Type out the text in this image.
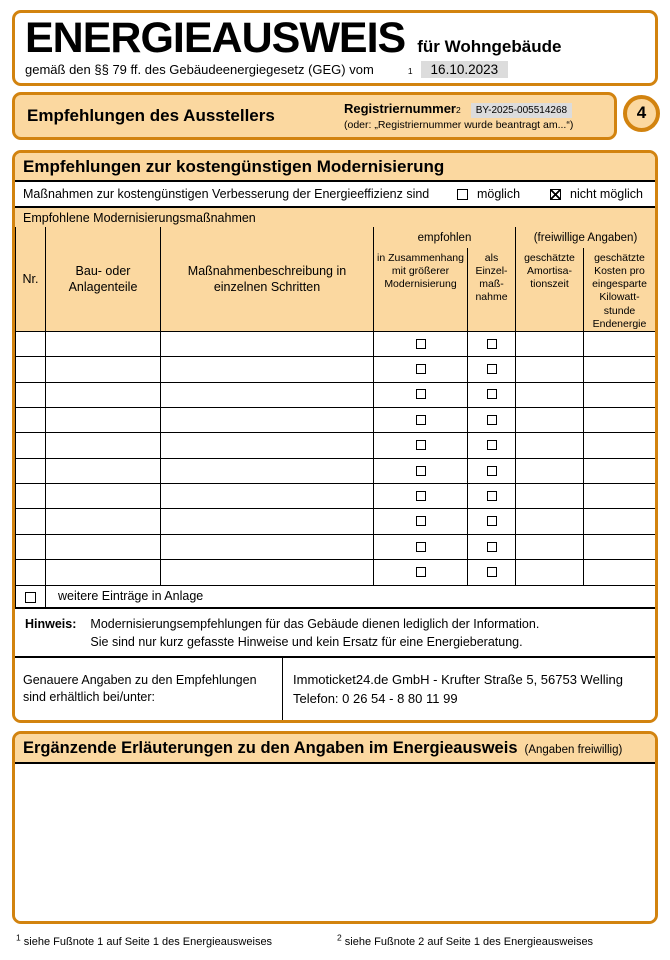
ENERGIEAUSWEIS für Wohngebäude
gemäß den §§ 79 ff. des Gebäudeenergiegesetz (GEG) vom	1	16.10.2023
Empfehlungen des Ausstellers	Registriernummer 2	BY-2025-005514268
(oder: „Registriernummer wurde beantragt am...“)
4
Empfehlungen zur kostengünstigen Modernisierung
Maßnahmen zur kostengünstigen Verbesserung der Energieeffizienz sind	möglich	nicht möglich
Empfohlene Modernisierungsmaßnahmen
Nr.	Bau- oder Anlagenteile	Maßnahmenbeschreibung in einzelnen Schritten	empfohlen		(freiwillige Angaben)	
			in Zusammenhang mit größerer Modernisierung	als Einzel-maß-nahme	geschätzte Amortisa-tionszeit	geschätzte Kosten pro eingesparte Kilowatt-stunde Endenergie

	weitere Einträge in Anlage					
Hinweis: Modernisierungsempfehlungen für das Gebäude dienen lediglich der Information.
Sie sind nur kurz gefasste Hinweise und kein Ersatz für eine Energieberatung.
Genauere Angaben zu den Empfehlungen sind erhältlich bei/unter:
Immoticket24.de GmbH - Krufter Straße 5, 56753 Welling
Telefon: 0 26 54 - 8 80 11 99
Ergänzende Erläuterungen zu den Angaben im Energieausweis (Angaben freiwillig)
$^1$ siehe Fußnote 1 auf Seite 1 des Energieausweises	$^2$ siehe Fußnote 2 auf Seite 1 des Energieausweises
